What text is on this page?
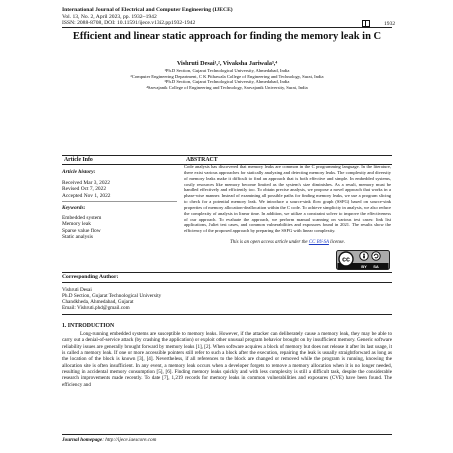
International Journal of Electrical and Computer Engineering (IJECE)
Vol. 13, No. 2, April 2023, pp. 1932~1942
ISSN: 2088-8708, DOI: 10.11591/ijece.v13i2.pp1932-1942	1932
Efficient and linear static approach for finding the memory leak in C
Vishruti Desai¹,², Vivaksha Jariwala³,⁴
¹Ph.D Section, Gujarat Technological University, Ahmedabad, India
²Computer Engineering Department, C K Pithawala College of Engineering and Technology, Surat, India
³Ph.D Section, Gujarat Technological University, Ahmedabad, India
⁴Sarvajanik College of Engineering and Technology, Sarvajanik University, Surat, India
Article Info	ABSTRACT
Article history:
Received Mar 3, 2022
Revised Oct 7, 2022
Accepted Nov 1, 2022
Keywords:
Embedded system
Memory leak
Sparse value flow
Static analysis
Code analysis has discovered that memory leaks are common in the C programming language. In the literature, there exist various approaches for statically analyzing and detecting memory leaks. The complexity and diversity of memory leaks make it difficult to find an approach that is both effective and simple. In embedded systems, costly resources like memory become limited as the system's size diminishes. As a result, memory must be handled effectively and efficiently too. To obtain precise analysis, we propose a novel approach that works in a phase-wise manner. Instead of examining all possible paths for finding memory leaks, we use a program slicing to check for a potential memory leak. We introduce a source-sink flow graph (SSFG) based on source-sink properties of memory allocation-deallocation within the C code. To achieve simplicity in analysis, we also reduce the complexity of analysis in linear time. In addition, we utilize a constraint solver to improve the effectiveness of our approach. To evaluate the approach, we perform manual scanning on various test cases: link list applications, Juliet test cases, and common vulnerabilities and exposures found in 2021. The results show the efficiency of the proposed approach by preparing the SSFG with linear complexity.
This is an open access article under the CC BY-SA license.
cc
BY SA
Corresponding Author:
Vishruti Desai
Ph.D Section, Gujarat Technological University
Chandkheda, Ahmedabad, Gujarat
Email: Vishruti.phd@gmail.com
1. INTRODUCTION
Long-running embedded systems are susceptible to memory leaks. However, if the attacker can deliberately cause a memory leak, they may be able to carry out a denial-of-service attack (by crashing the application) or exploit other unusual program behavior brought on by insufficient memory. Generic software reliability issues are generally brought forward by memory leaks [1], [2]. When software acquires a block of memory but does not release it after its last usage, it is called a memory leak. If one or more accessible pointers still refer to such a block after the execution, repairing the leak is usually straightforward as long as the location of the block is known [3], [4]. Nevertheless, if all references to the block are changed or removed while the program is running, knowing the allocation site is often insufficient. In any event, a memory leak occurs when a developer forgets to remove a memory allocation when it is no longer needed, resulting in accidental memory consumption [5], [6]. Finding memory leaks quickly and with less complexity is still a difficult task, despite the considerable research improvements made recently. To date [7], 1,219 records for memory leaks in common vulnerabilities and exposures (CVE) have been found. The efficiency and
Journal homepage: http://ijece.iaescore.com
